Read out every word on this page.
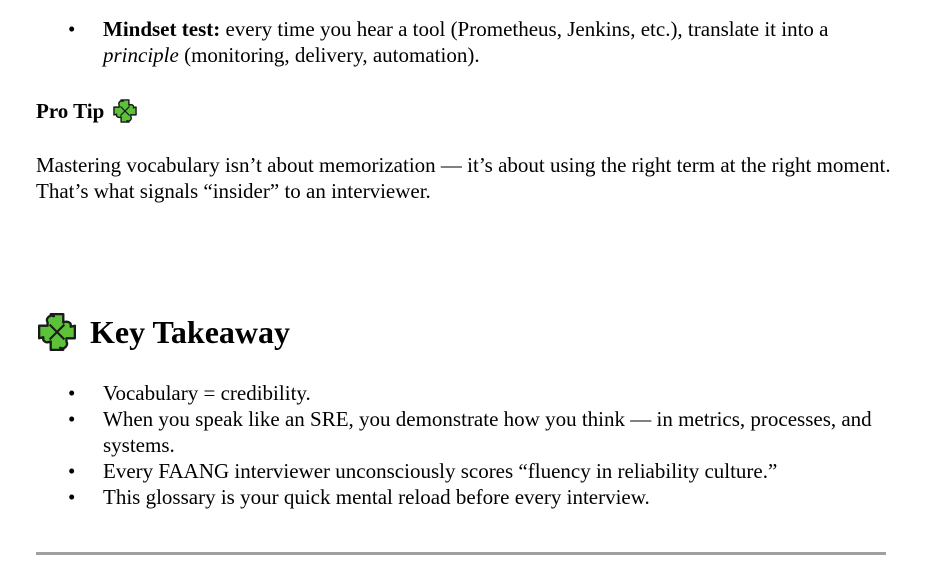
• Mindset test: every time you hear a tool (Prometheus, Jenkins, etc.), translate it into a principle (monitoring, delivery, automation).
Pro Tip
Mastering vocabulary isn’t about memorization — it’s about using the right term at the right moment.
That’s what signals “insider” to an interviewer.
Key Takeaway
• Vocabulary = credibility.
• When you speak like an SRE, you demonstrate how you think — in metrics, processes, and systems.
• Every FAANG interviewer unconsciously scores “fluency in reliability culture.”
• This glossary is your quick mental reload before every interview.
